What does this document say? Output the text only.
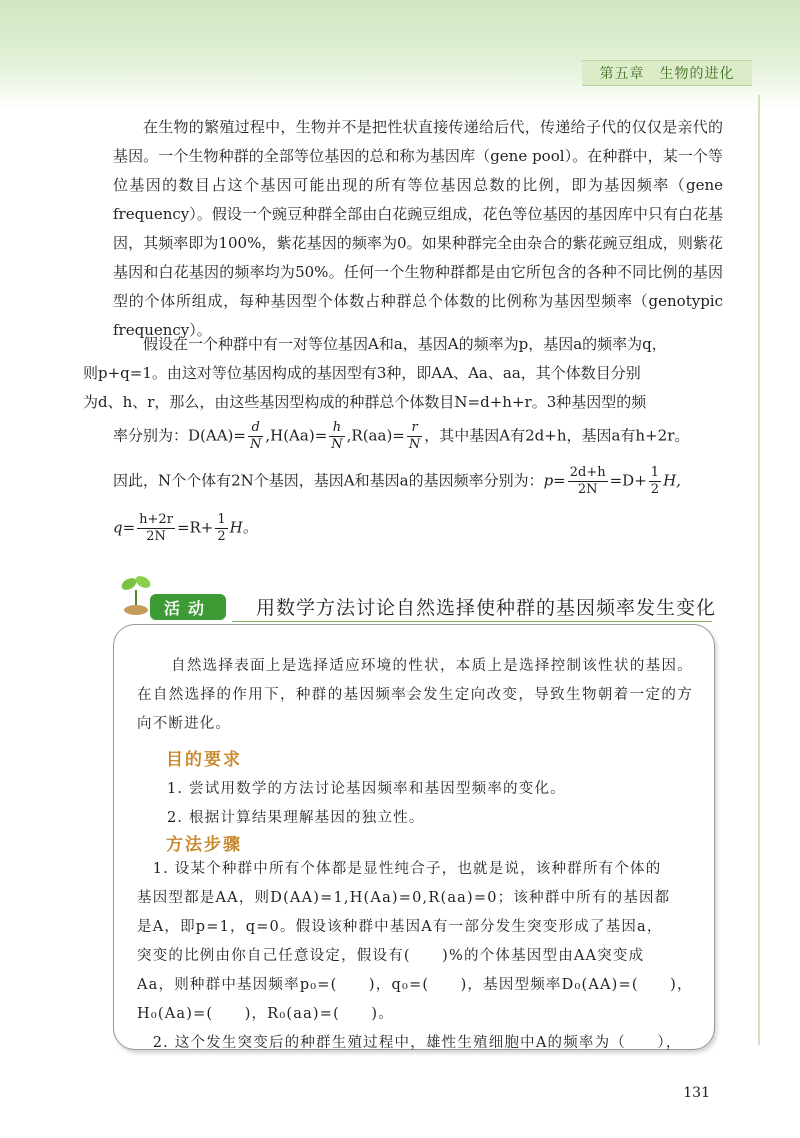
第五章　生物的进化
在生物的繁殖过程中，生物并不是把性状直接传递给后代，传递给子代的仅仅是亲代的基因。一个生物种群的全部等位基因的总和称为基因库（gene pool）。在种群中，某一个等位基因的数目占这个基因可能出现的所有等位基因总数的比例，即为基因频率（gene frequency）。假设一个豌豆种群全部由白花豌豆组成，花色等位基因的基因库中只有白花基因，其频率即为100%，紫花基因的频率为0。如果种群完全由杂合的紫花豌豆组成，则紫花基因和白花基因的频率均为50%。任何一个生物种群都是由它所包含的各种不同比例的基因型的个体所组成，每种基因型个体数占种群总个体数的比例称为基因型频率（genotypic frequency）。
假设在一个种群中有一对等位基因A和a，基因A的频率为p，基因a的频率为q，
则p+q=1。由这对等位基因构成的基因型有3种，即AA、Aa、aa，其个体数目分别
为d、h、r，那么，由这些基因型构成的种群总个体数目N=d+h+r。3种基因型的频
率分别为：$D(AA)= \frac{d}{N} ,H(Aa)= \frac{h}{N} ,R(aa)= \frac{r}{N}$ ，其中基因A有2d+h，基因a有h+2r。
因此，N个个体有2N个基因，基因A和基因a的基因频率分别为：$p= \frac{2d+h}{2N} =D+ \frac{1}{2} H$,
$q= \frac{h+2r}{2N} =R+ \frac{1}{2}$ H。
活动	用数学方法讨论自然选择使种群的基因频率发生变化
自然选择表面上是选择适应环境的性状，本质上是选择控制该性状的基因。在自然选择的作用下，种群的基因频率会发生定向改变，导致生物朝着一定的方向不断进化。
目的要求
1. 尝试用数学的方法讨论基因频率和基因型频率的变化。
2. 根据计算结果理解基因的独立性。
方法步骤
　1. 设某个种群中所有个体都是显性纯合子，也就是说，该种群所有个体的
基因型都是AA，则D(AA)=1,H(Aa)=0,R(aa)=0；该种群中所有的基因都
是A，即p=1，q=0。假设该种群中基因A有一部分发生突变形成了基因a，
突变的比例由你自己任意设定，假设有(　　)%的个体基因型由AA突变成
Aa，则种群中基因频率p₀=(　　)，q₀=(　　)，基因型频率D₀(AA)=(　　)，
H₀(Aa)=(　　)，R₀(aa)=(　　)。
　2. 这个发生突变后的种群生殖过程中，雄性生殖细胞中A的频率为（　　），
131
